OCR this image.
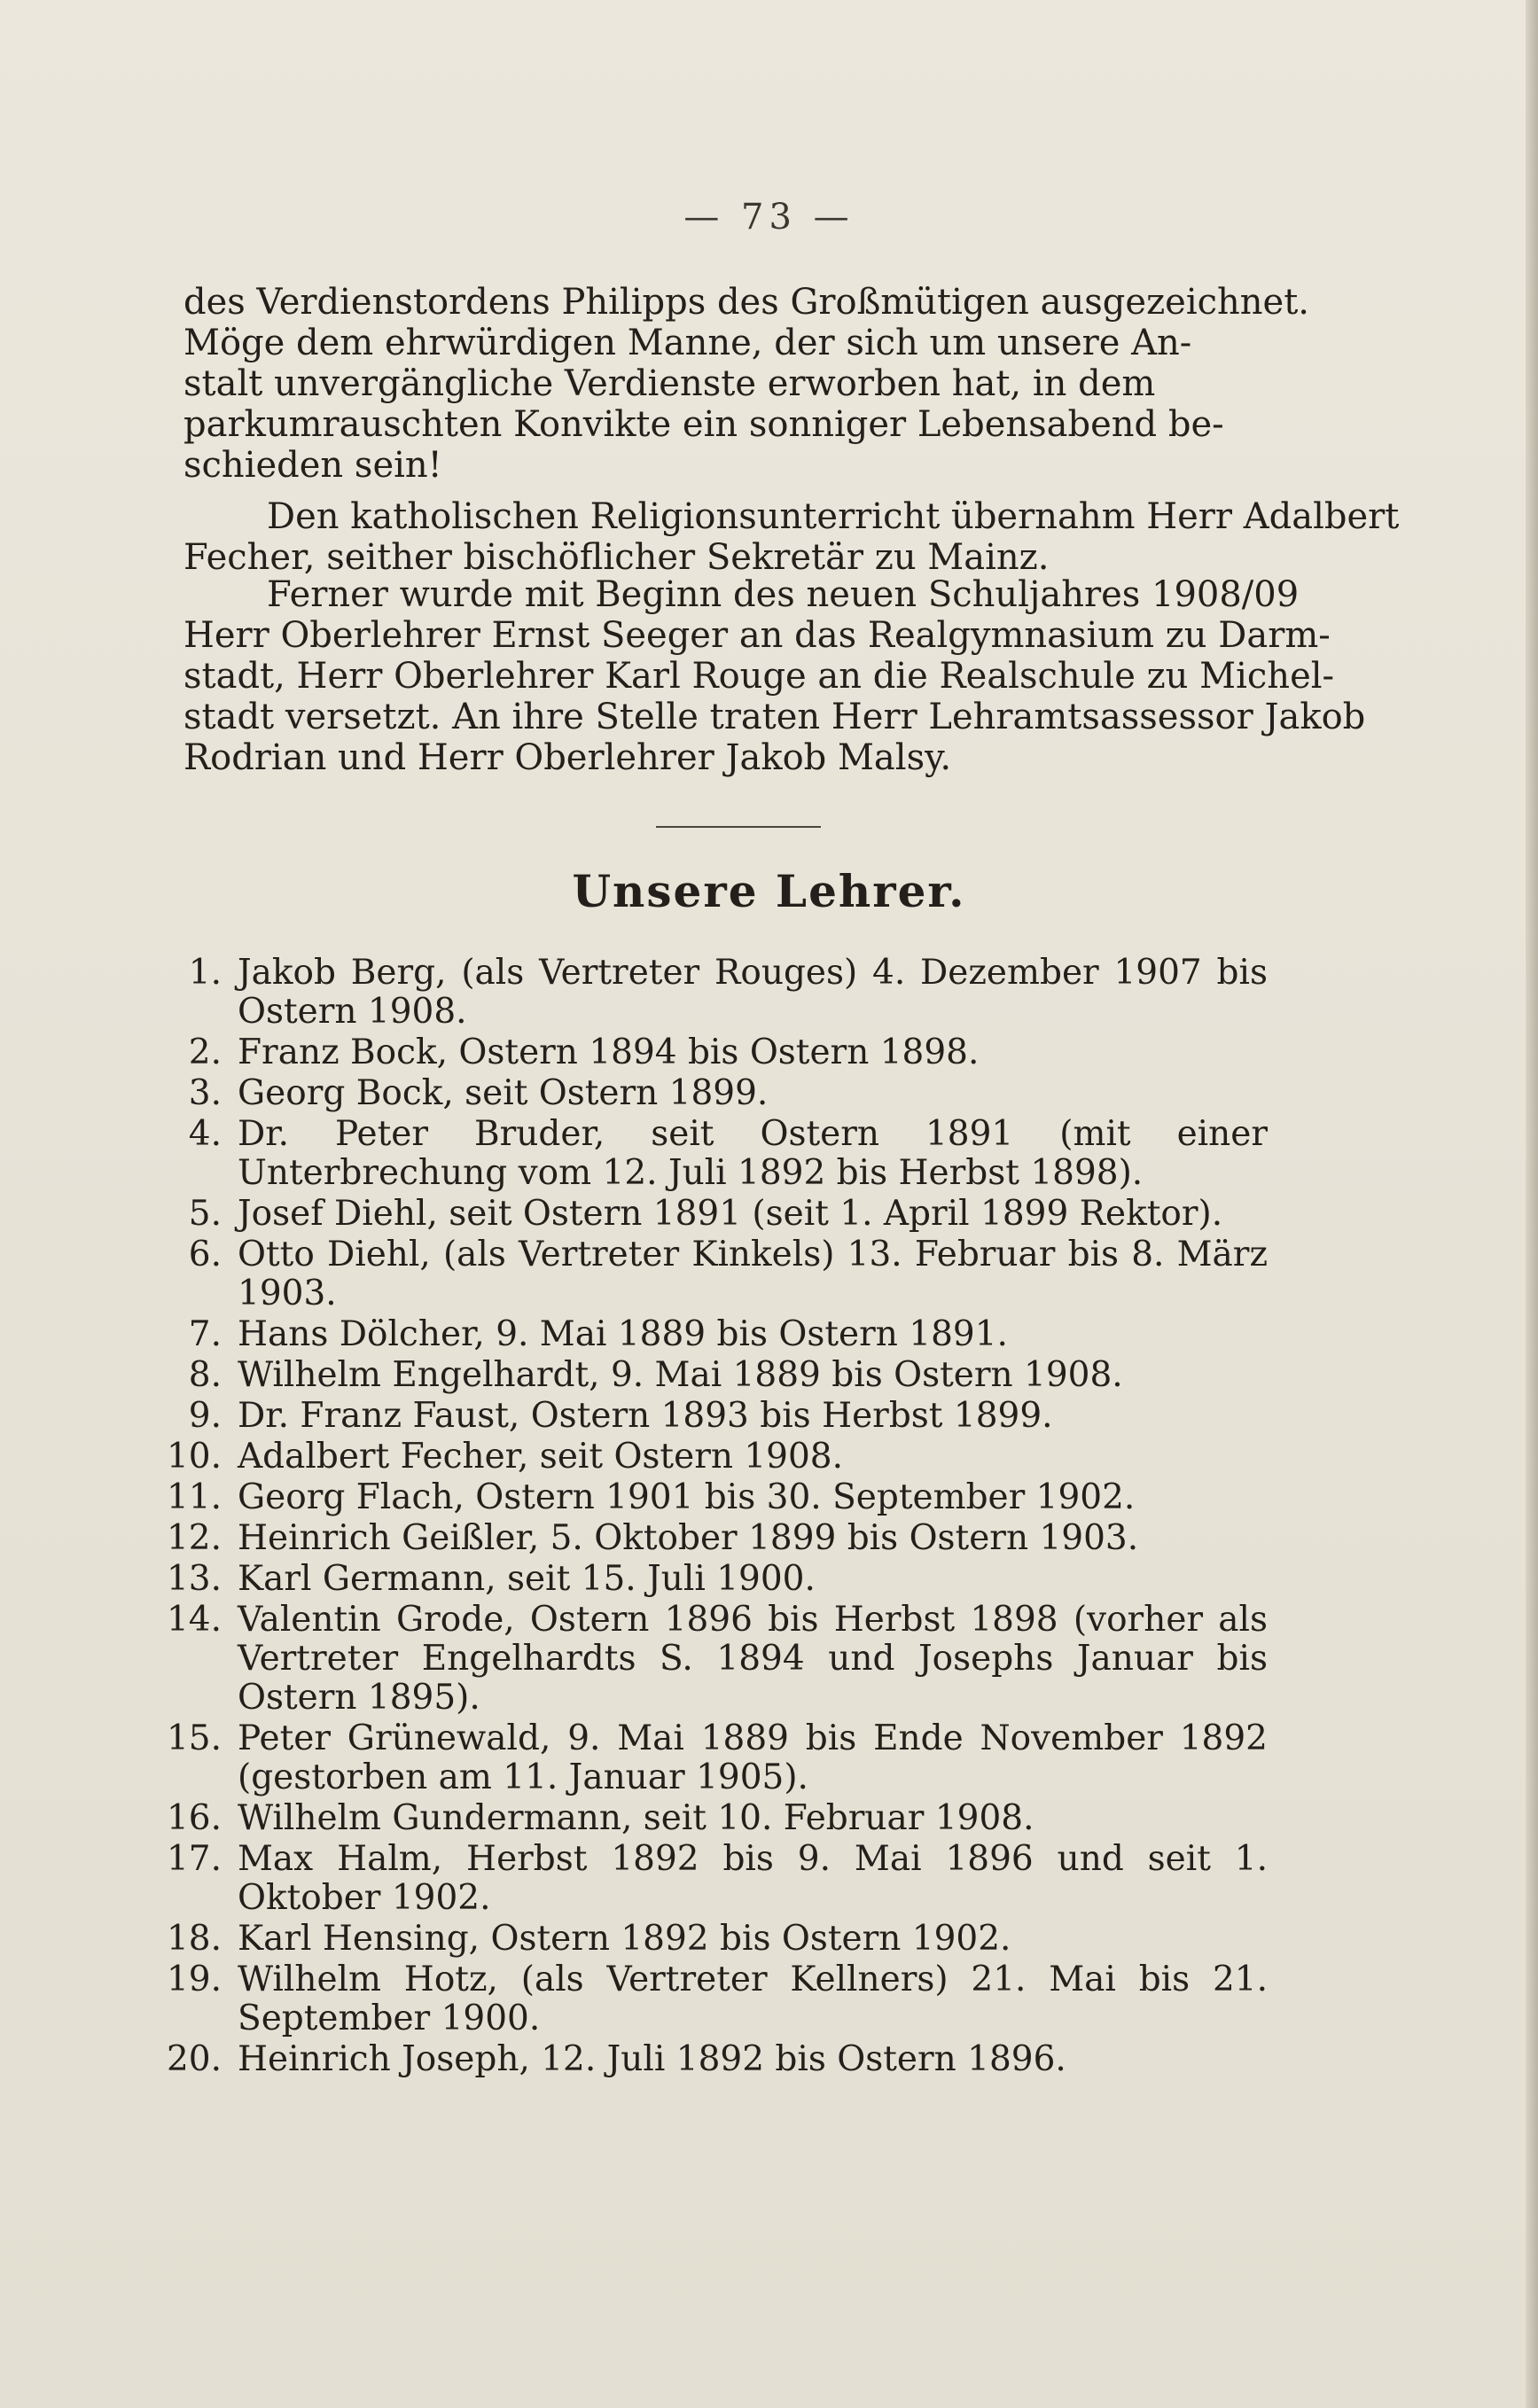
— 73 —

des Verdienstordens Philipps des Großmütigen ausgezeichnet.
Möge dem ehrwürdigen Manne, der sich um unsere An-
stalt unvergängliche Verdienste erworben hat, in dem
parkumrauschten Konvikte ein sonniger Lebensabend be-
schieden sein!

Den katholischen Religionsunterricht übernahm Herr Adalbert
Fecher, seither bischöflicher Sekretär zu Mainz.

Ferner wurde mit Beginn des neuen Schuljahres 1908/09
Herr Oberlehrer Ernst Seeger an das Realgymnasium zu Darm-
stadt, Herr Oberlehrer Karl Rouge an die Realschule zu Michel-
stadt versetzt. An ihre Stelle traten Herr Lehramtsassessor Jakob
Rodrian und Herr Oberlehrer Jakob Malsy.

Unsere Lehrer.
1. Jakob Berg, (als Vertreter Rouges) 4. Dezember 1907 bis Ostern 1908.
2. Franz Bock, Ostern 1894 bis Ostern 1898.
3. Georg Bock, seit Ostern 1899.
4. Dr. Peter Bruder, seit Ostern 1891 (mit einer Unterbrechung vom 12. Juli 1892 bis Herbst 1898).
5. Josef Diehl, seit Ostern 1891 (seit 1. April 1899 Rektor).
6. Otto Diehl, (als Vertreter Kinkels) 13. Februar bis 8. März 1903.
7. Hans Dölcher, 9. Mai 1889 bis Ostern 1891.
8. Wilhelm Engelhardt, 9. Mai 1889 bis Ostern 1908.
9. Dr. Franz Faust, Ostern 1893 bis Herbst 1899.
10. Adalbert Fecher, seit Ostern 1908.
11. Georg Flach, Ostern 1901 bis 30. September 1902.
12. Heinrich Geißler, 5. Oktober 1899 bis Ostern 1903.
13. Karl Germann, seit 15. Juli 1900.
14. Valentin Grode, Ostern 1896 bis Herbst 1898 (vorher als Vertreter Engelhardts S. 1894 und Josephs Januar bis Ostern 1895).
15. Peter Grünewald, 9. Mai 1889 bis Ende November 1892 (gestorben am 11. Januar 1905).
16. Wilhelm Gundermann, seit 10. Februar 1908.
17. Max Halm, Herbst 1892 bis 9. Mai 1896 und seit 1. Oktober 1902.
18. Karl Hensing, Ostern 1892 bis Ostern 1902.
19. Wilhelm Hotz, (als Vertreter Kellners) 21. Mai bis 21. September 1900.
20. Heinrich Joseph, 12. Juli 1892 bis Ostern 1896.
